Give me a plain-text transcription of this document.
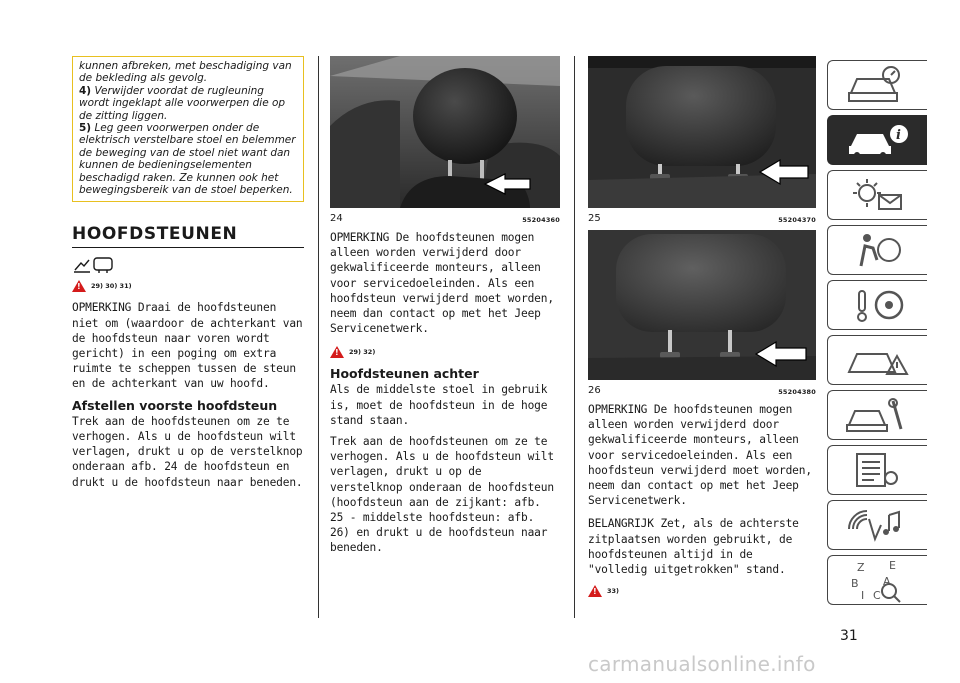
kunnen afbreken, met beschadiging van de bekleding als gevolg.

4) Verwijder voordat de rugleuning wordt ingeklapt alle voorwerpen die op de zitting liggen.

5) Leg geen voorwerpen onder de elektrisch verstelbare stoel en belemmer de beweging van de stoel niet want dan kunnen de bedieningselementen beschadigd raken. Ze kunnen ook het bewegingsbereik van de stoel beperken.

HOOFDSTEUNEN
!
29) 30) 31)

OPMERKING Draai de hoofdsteunen niet om (waardoor de achterkant van de hoofdsteun naar voren wordt gericht) in een poging om extra ruimte te scheppen tussen de steun en de achterkant van uw hoofd.

Afstellen voorste hoofdsteun

Trek aan de hoofdsteunen om ze te verhogen. Als u de hoofdsteun wilt verlagen, drukt u op de verstelknop onderaan afb. 24 de hoofdsteun en drukt u de hoofdsteun naar beneden.

24	55204360

OPMERKING De hoofdsteunen mogen alleen worden verwijderd door gekwalificeerde monteurs, alleen voor servicedoeleinden. Als een hoofdsteun verwijderd moet worden, neem dan contact op met het Jeep Servicenetwerk.

!
29) 32)
Hoofdsteunen achter

Als de middelste stoel in gebruik is, moet de hoofdsteun in de hoge stand staan.

Trek aan de hoofdsteunen om ze te verhogen. Als u de hoofdsteun wilt verlagen, drukt u op de verstelknop onderaan de hoofdsteun (hoofdsteun aan de zijkant: afb. 25 - middelste hoofdsteun: afb. 26) en drukt u de hoofdsteun naar beneden.

25	55204370
26	55204380

OPMERKING De hoofdsteunen mogen alleen worden verwijderd door gekwalificeerde monteurs, alleen voor servicedoeleinden. Als een hoofdsteun verwijderd moet worden, neem dan contact op met het Jeep Servicenetwerk.

BELANGRIJK Zet, als de achterste zitplaatsen worden gebruikt, de hoofdsteunen altijd in de "volledig uitgetrokken" stand.

!
33)
i
Z E
B A
I C
31
carmanualsonline.info
